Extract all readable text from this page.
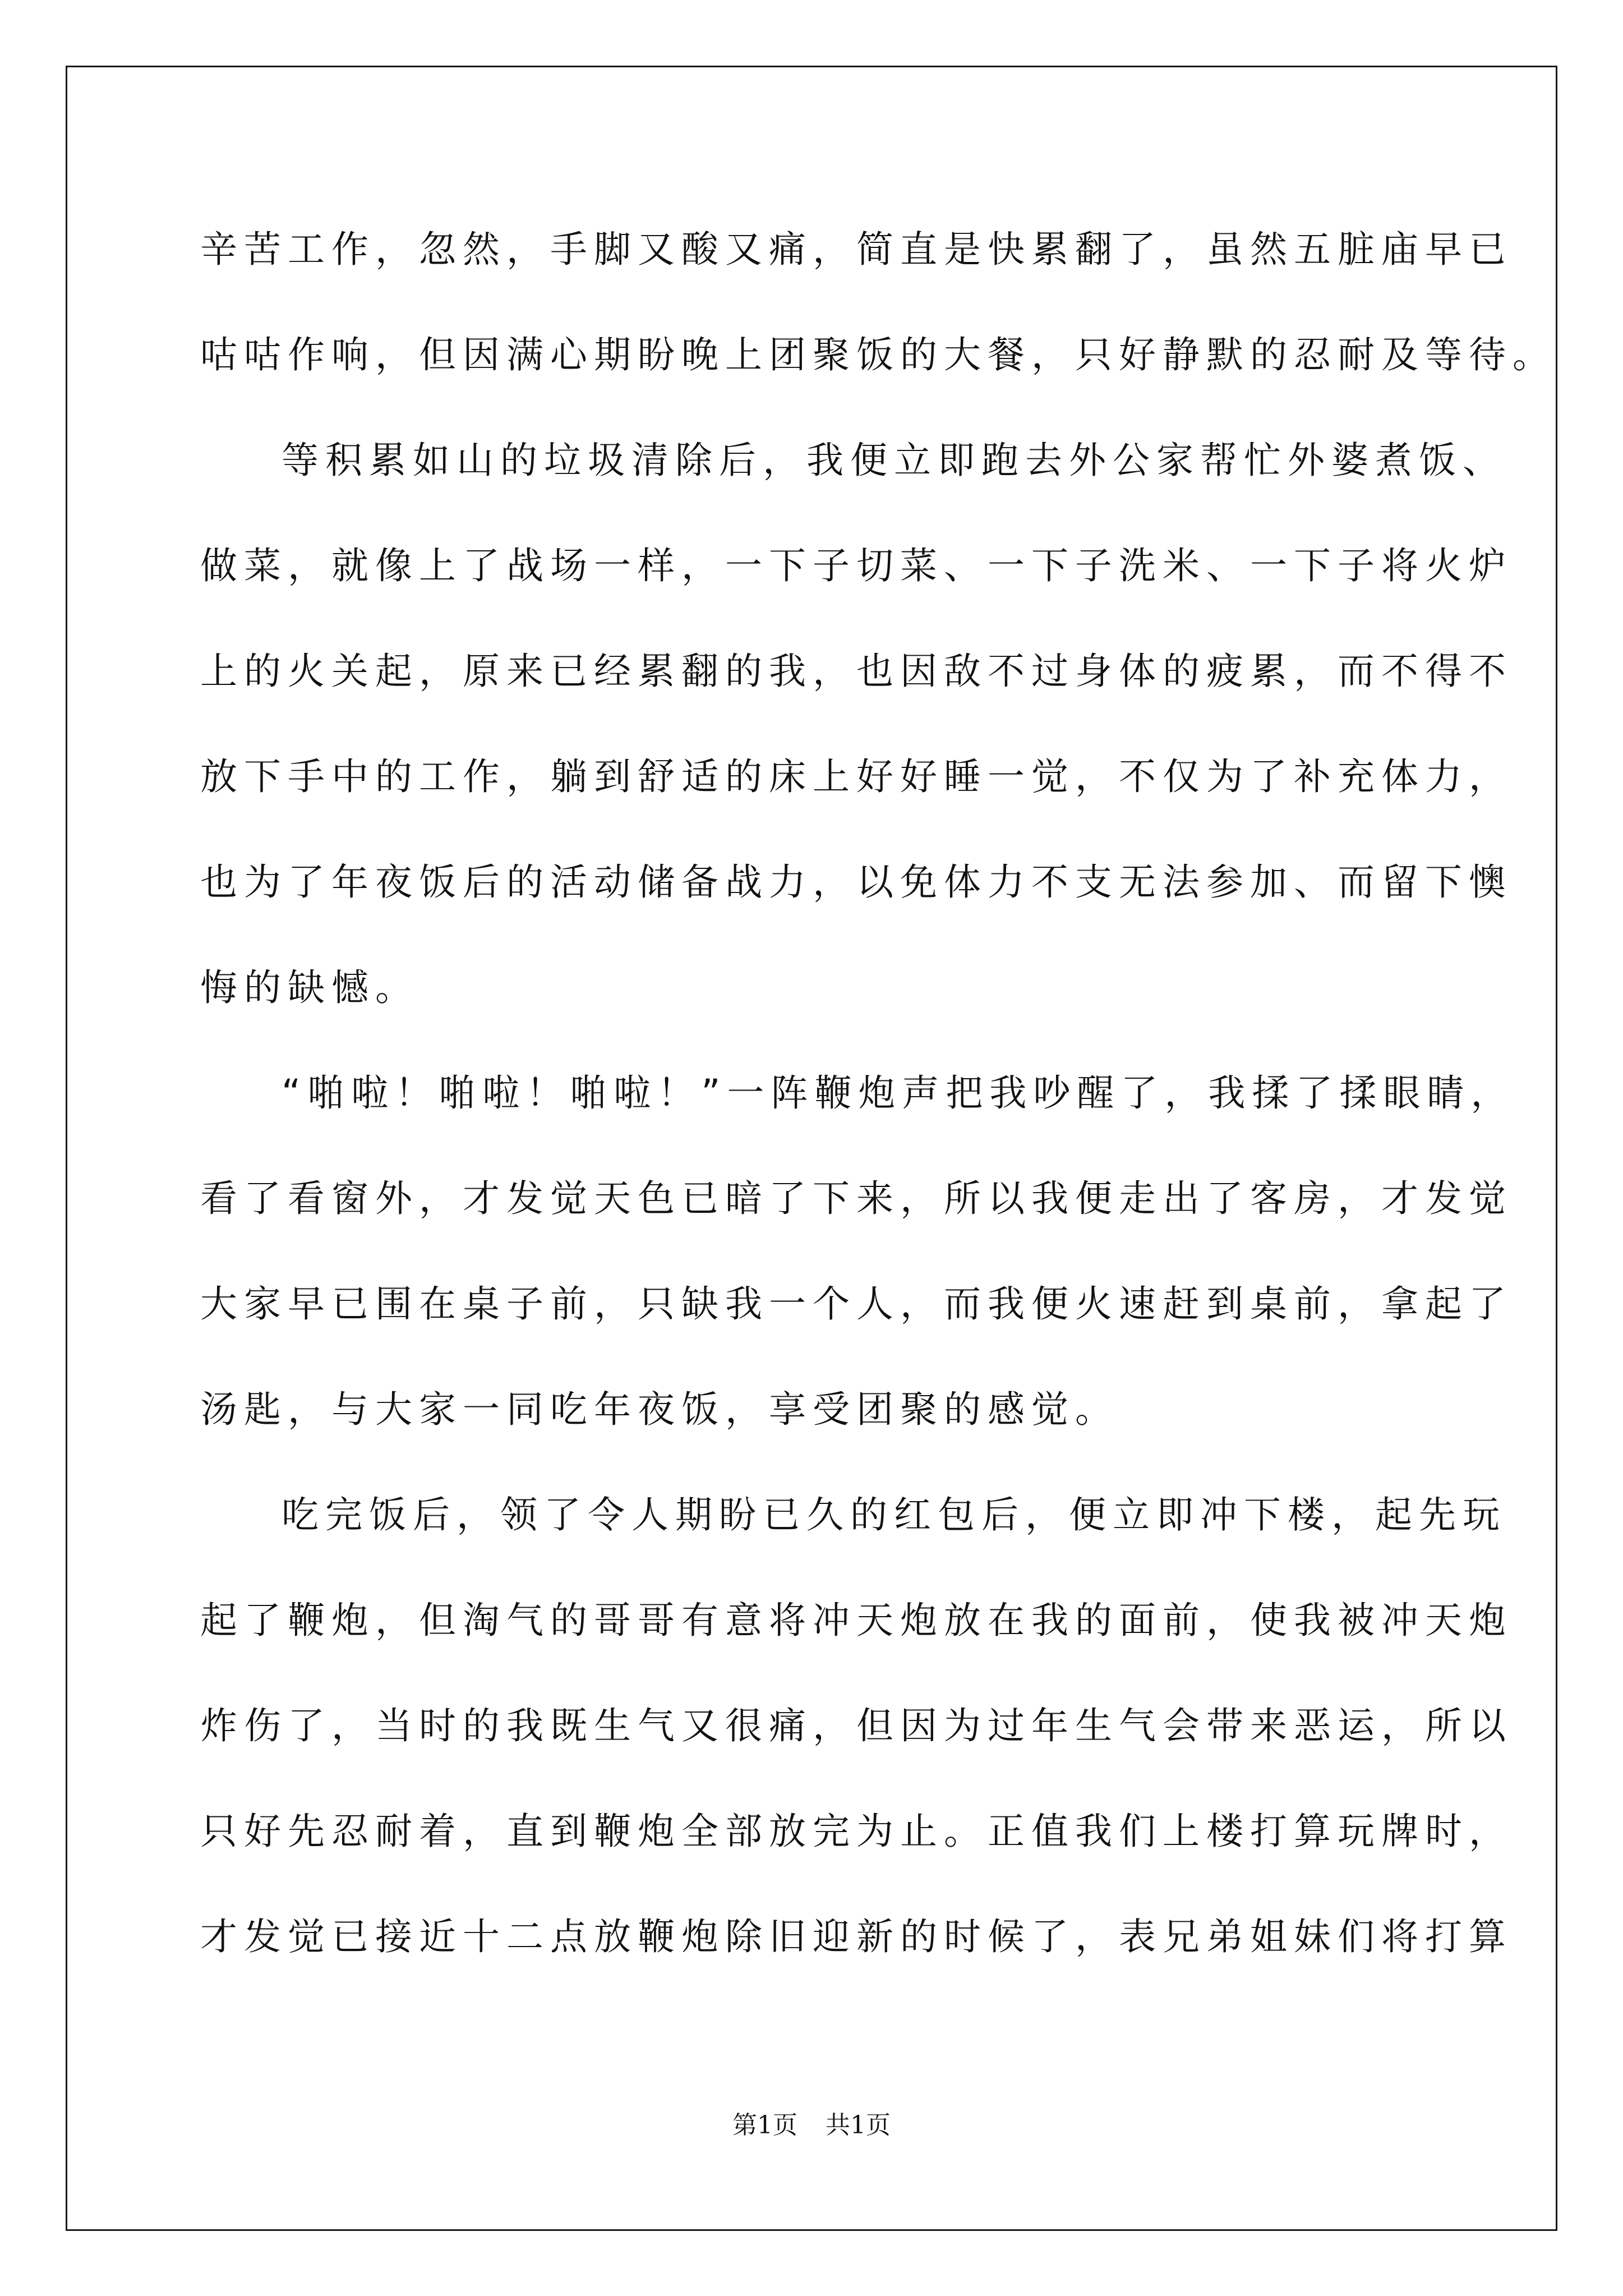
辛苦工作，忽然，手脚又酸又痛，简直是快累翻了，虽然五脏庙早已
咕咕作响，但因满心期盼晚上团聚饭的大餐，只好静默的忍耐及等待。
等积累如山的垃圾清除后，我便立即跑去外公家帮忙外婆煮饭、
做菜，就像上了战场一样，一下子切菜、一下子洗米、一下子将火炉
上的火关起，原来已经累翻的我，也因敌不过身体的疲累，而不得不
放下手中的工作，躺到舒适的床上好好睡一觉，不仅为了补充体力，
也为了年夜饭后的活动储备战力，以免体力不支无法参加、而留下懊
悔的缺憾。
“啪啦！啪啦！啪啦！”一阵鞭炮声把我吵醒了，我揉了揉眼睛，
看了看窗外，才发觉天色已暗了下来，所以我便走出了客房，才发觉
大家早已围在桌子前，只缺我一个人，而我便火速赶到桌前，拿起了
汤匙，与大家一同吃年夜饭，享受团聚的感觉。
吃完饭后，领了令人期盼已久的红包后，便立即冲下楼，起先玩
起了鞭炮，但淘气的哥哥有意将冲天炮放在我的面前，使我被冲天炮
炸伤了，当时的我既生气又很痛，但因为过年生气会带来恶运，所以
只好先忍耐着，直到鞭炮全部放完为止。正值我们上楼打算玩牌时，
才发觉已接近十二点放鞭炮除旧迎新的时候了，表兄弟姐妹们将打算
第1页 共1页
